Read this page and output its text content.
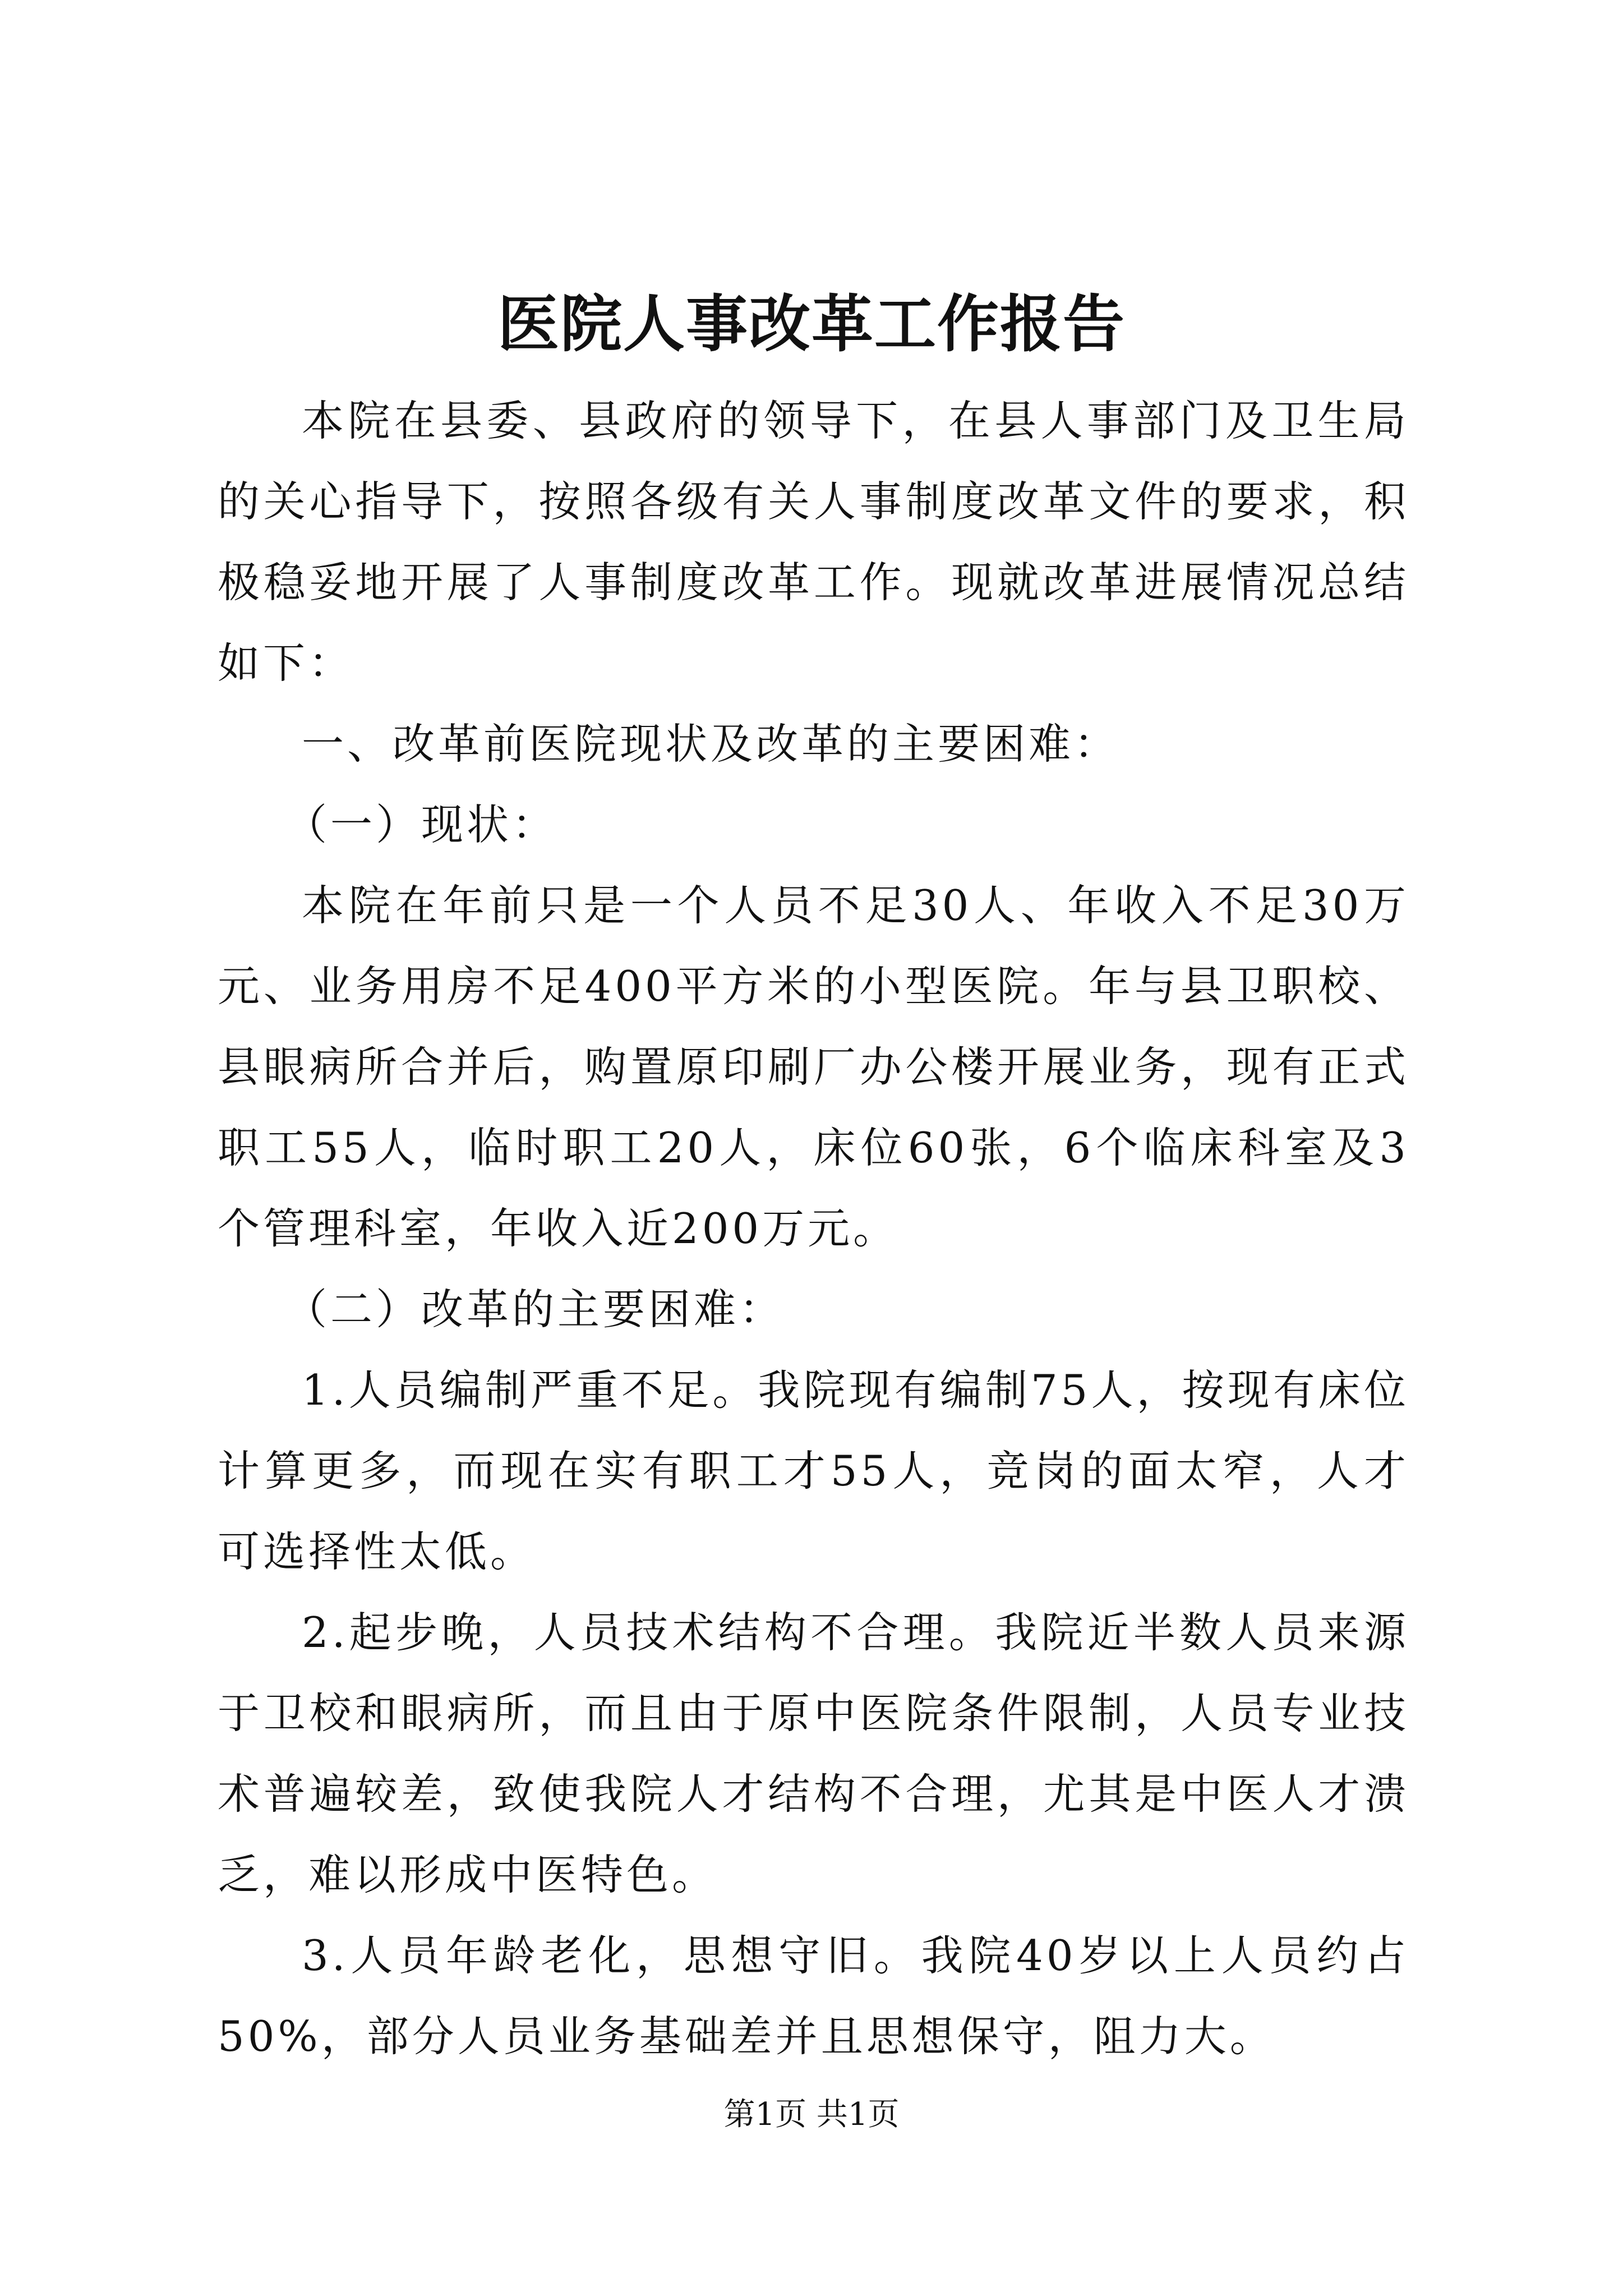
医院人事改革工作报告

本院在县委、县政府的领导下，在县人事部门及卫生局的关心指导下，按照各级有关人事制度改革文件的要求，积极稳妥地开展了人事制度改革工作。现就改革进展情况总结如下：

一、改革前医院现状及改革的主要困难：

（一）现状：

本院在年前只是一个人员不足30人、年收入不足30万元、业务用房不足400平方米的小型医院。年与县卫职校、县眼病所合并后，购置原印刷厂办公楼开展业务，现有正式职工55人，临时职工20人，床位60张，6个临床科室及3个管理科室，年收入近200万元。

（二）改革的主要困难：

1.人员编制严重不足。我院现有编制75人，按现有床位计算更多，而现在实有职工才55人，竞岗的面太窄，人才可选择性太低。

2.起步晚，人员技术结构不合理。我院近半数人员来源于卫校和眼病所，而且由于原中医院条件限制，人员专业技术普遍较差，致使我院人才结构不合理，尤其是中医人才溃乏，难以形成中医特色。

3.人员年龄老化，思想守旧。我院40岁以上人员约占50%，部分人员业务基础差并且思想保守，阻力大。

第1页 共1页
